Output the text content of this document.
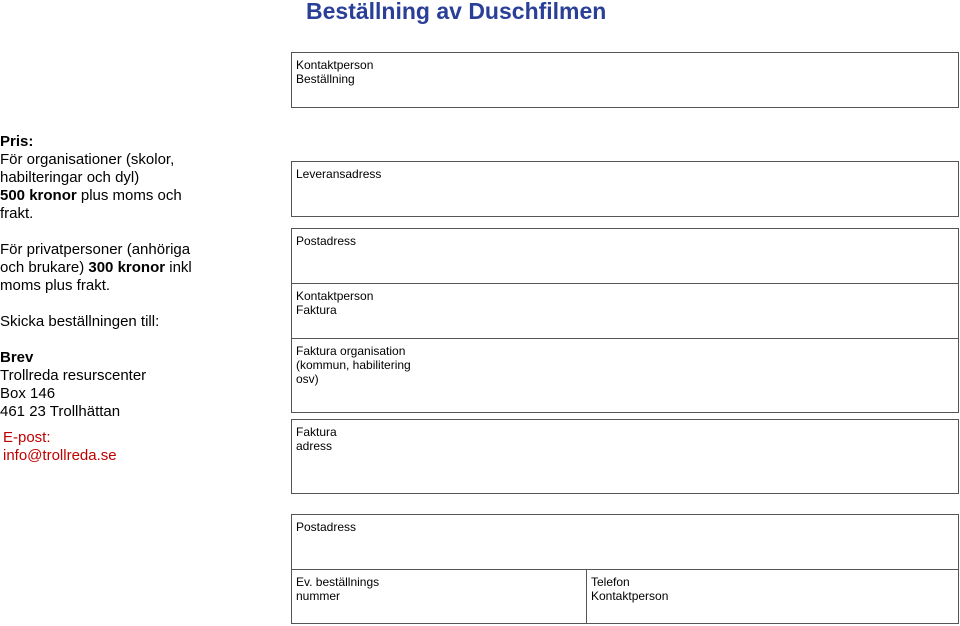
Beställning av Duschfilmen

Pris:

För organisationer (skolor,

habilteringar och dyl)

500 kronor plus moms och

frakt.

För privatpersoner (anhöriga

och brukare) 300 kronor inkl

moms plus frakt.

Skicka beställningen till:

Brev

Trollreda resurscenter

Box 146

461 23 Trollhättan

E-post:

info@trollreda.se

Kontaktperson
Beställning
Leveransadress
Postadress
Kontaktperson
Faktura
Faktura organisation
(kommun, habilitering
osv)
Faktura
adress
Postadress
Ev. beställnings
nummer
Telefon
Kontaktperson
